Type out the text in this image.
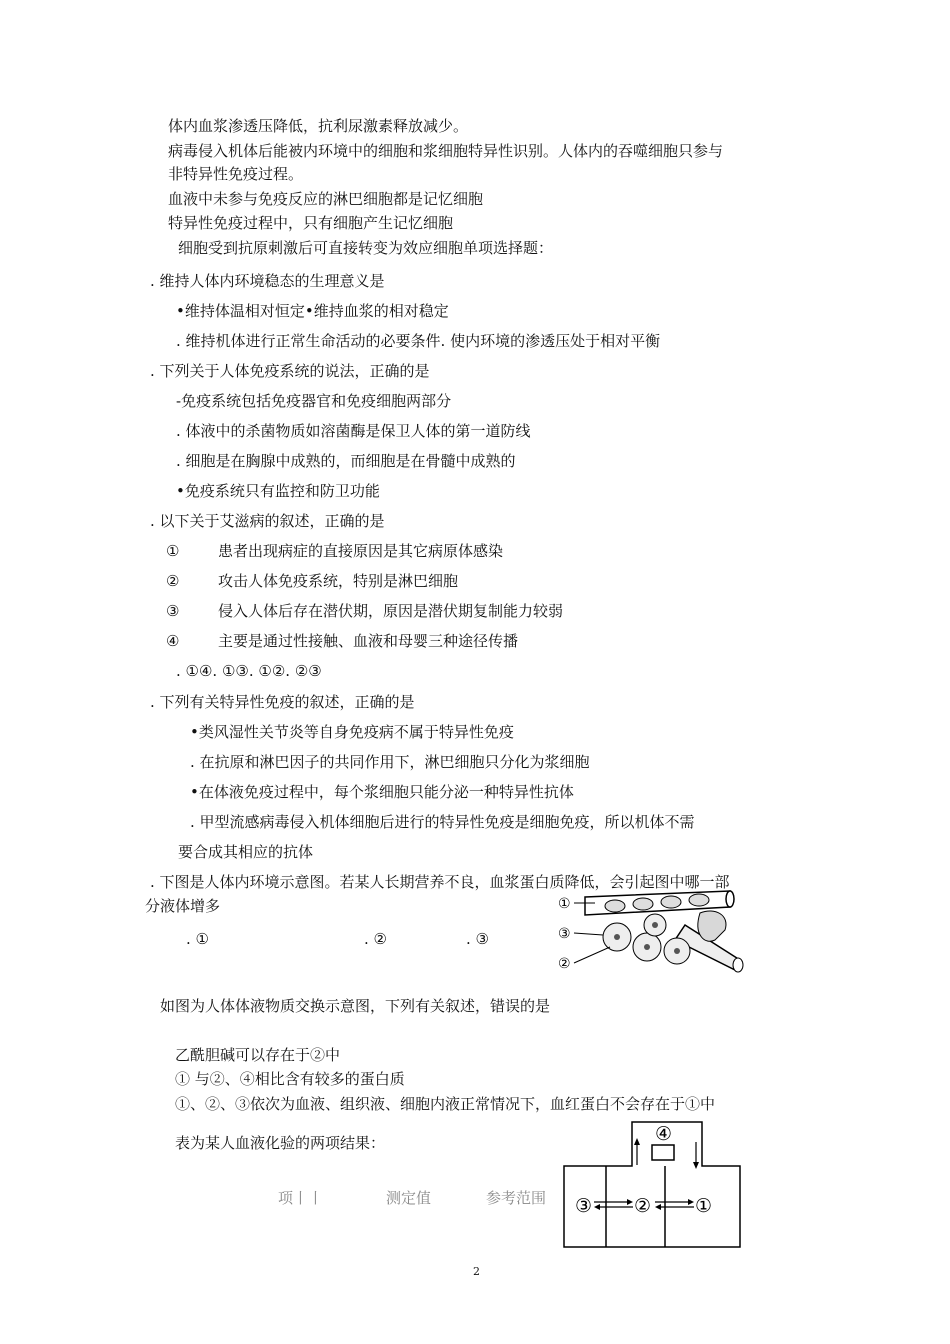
体内血浆渗透压降低，抗利尿激素释放减少。
病毒侵入机体后能被内环境中的细胞和浆细胞特异性识别。人体内的吞噬细胞只参与
非特异性免疫过程。
血液中未参与免疫反应的淋巴细胞都是记忆细胞
特异性免疫过程中，只有细胞产生记忆细胞
细胞受到抗原刺激后可直接转变为效应细胞单项选择题：
. 维持人体内环境稳态的生理意义是
•维持体温相对恒定•维持血浆的相对稳定
. 维持机体进行正常生命活动的必要条件. 使内环境的渗透压处于相对平衡
. 下列关于人体免疫系统的说法，正确的是
-免疫系统包括免疫器官和免疫细胞两部分
. 体液中的杀菌物质如溶菌酶是保卫人体的第一道防线
. 细胞是在胸腺中成熟的，而细胞是在骨髓中成熟的
•免疫系统只有监控和防卫功能
. 以下关于艾滋病的叙述，正确的是
①	患者出现病症的直接原因是其它病原体感染
②	攻击人体免疫系统，特别是淋巴细胞
③	侵入人体后存在潜伏期，原因是潜伏期复制能力较弱
④	主要是通过性接触、血液和母婴三种途径传播
. ①④. ①③. ①②. ②③
. 下列有关特异性免疫的叙述，正确的是
•类风湿性关节炎等自身免疫病不属于特异性免疫
. 在抗原和淋巴因子的共同作用下，淋巴细胞只分化为浆细胞
•在体液免疫过程中，每个浆细胞只能分泌一种特异性抗体
. 甲型流感病毒侵入机体细胞后进行的特异性免疫是细胞免疫，所以机体不需
要合成其相应的抗体
. 下图是人体内环境示意图。若某人长期营养不良，血浆蛋白质降低，会引起图中哪一部
分液体增多
. ①	. ②	. ③
①
③
②
如图为人体体液物质交换示意图，下列有关叙述，错误的是
乙酰胆碱可以存在于②中
① 与②、④相比含有较多的蛋白质
①、②、③依次为血液、组织液、细胞内液正常情况下，血红蛋白不会存在于①中
表为某人血液化验的两项结果：
项丨丨	测定值	参考范围
④
③ ② ①
2
